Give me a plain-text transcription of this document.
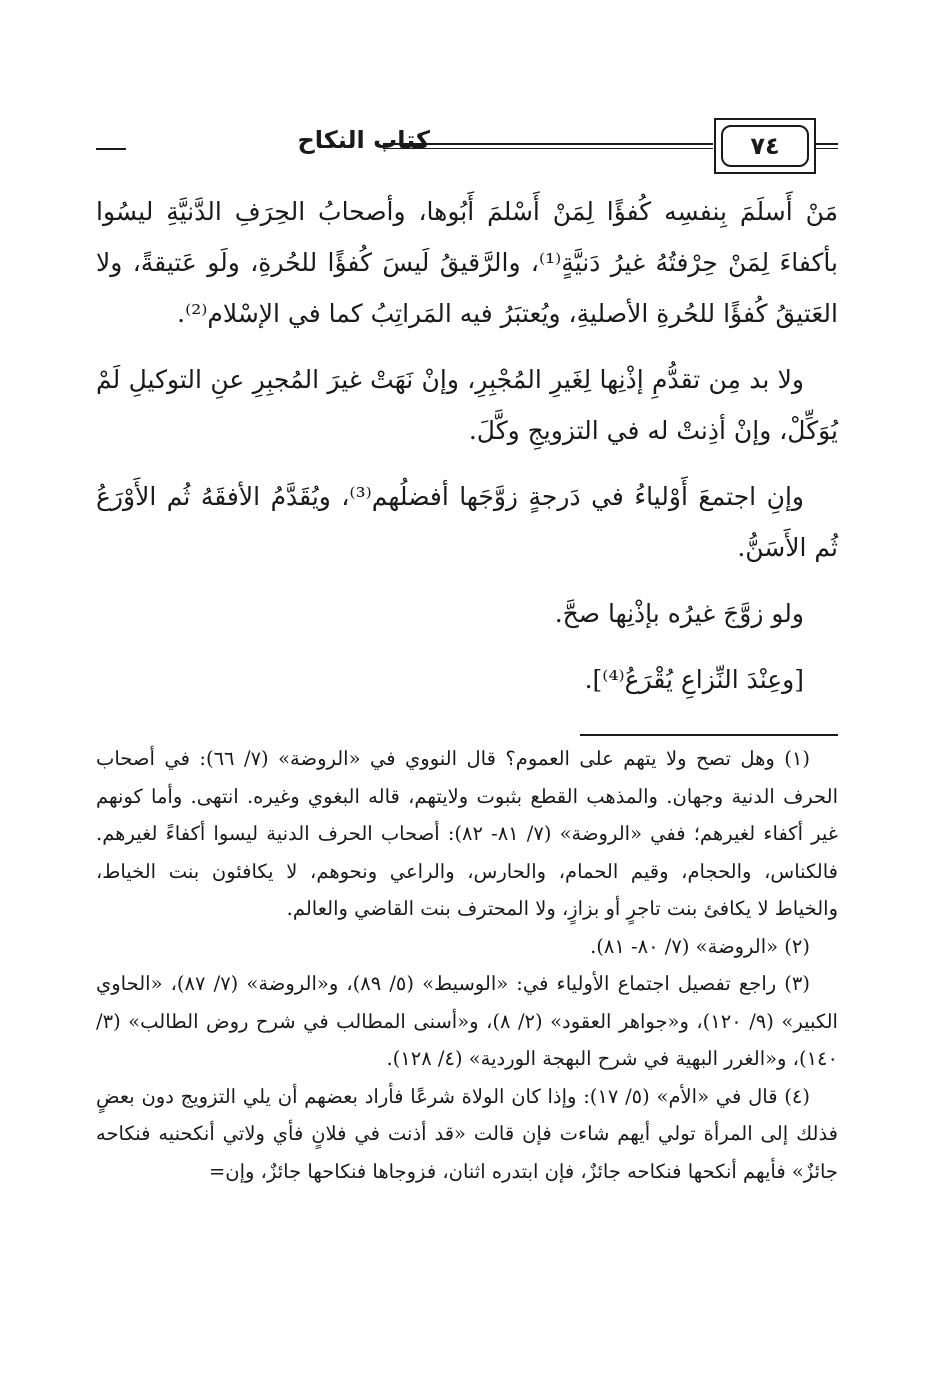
كتاب النكاح	٧٤

مَنْ أَسلَمَ بِنفسِه كُفؤًا لِمَنْ أَسْلمَ أَبُوها، وأصحابُ الحِرَفِ الدَّنيَّةِ ليسُوا بأكفاءَ لِمَنْ حِرْفتُهُ غيرُ دَنيَّةٍ⁽¹⁾، والرَّقيقُ لَيسَ كُفؤًا للحُرةِ، ولَو عَتيقةً، ولا العَتيقُ كُفؤًا للحُرةِ الأصليةِ، ويُعتبَرُ فيه المَراتِبُ كما في الإسْلام⁽²⁾.

ولا بد مِن تقدُّمِ إذْنِها لِغَيرِ المُجْبِرِ، وإنْ نَهَتْ غيرَ المُجبِرِ عنِ التوكيلِ لَمْ يُوَكِّلْ، وإنْ أذِنتْ له في التزويجِ وكَّلَ.

وإنِ اجتمعَ أَوْلياءُ في دَرجةٍ زوَّجَها أفضلُهم⁽³⁾، ويُقَدَّمُ الأفقَهُ ثُم الأَوْرَعُ ثُم الأَسَنُّ.

ولو زوَّجَ غيرُه بإذْنِها صحَّ.

[وعِنْدَ النِّزاعِ يُقْرَعُ⁽⁴⁾].

(١) وهل تصح ولا يتهم على العموم؟ قال النووي في «الروضة» (٧/ ٦٦): في أصحاب الحرف الدنية وجهان. والمذهب القطع بثبوت ولايتهم، قاله البغوي وغيره. انتهى. وأما كونهم غير أكفاء لغيرهم؛ ففي «الروضة» (٧/ ٨١- ٨٢): أصحاب الحرف الدنية ليسوا أكفاءً لغيرهم. فالكناس، والحجام، وقيم الحمام، والحارس، والراعي ونحوهم، لا يكافئون بنت الخياط، والخياط لا يكافئ بنت تاجرٍ أو بزازٍ، ولا المحترف بنت القاضي والعالم.

(٢) «الروضة» (٧/ ٨٠- ٨١).

(٣) راجع تفصيل اجتماع الأولياء في: «الوسيط» (٥/ ٨٩)، و«الروضة» (٧/ ٨٧)، «الحاوي الكبير» (٩/ ١٢٠)، و«جواهر العقود» (٢/ ٨)، و«أسنى المطالب في شرح روض الطالب» (٣/ ١٤٠)، و«الغرر البهية في شرح البهجة الوردية» (٤/ ١٢٨).

(٤) قال في «الأم» (٥/ ١٧): وإذا كان الولاة شرعًا فأراد بعضهم أن يلي التزويج دون بعضٍ فذلك إلى المرأة تولي أيهم شاءت فإن قالت «قد أذنت في فلانٍ فأي ولاتي أنكحنيه فنكاحه جائزٌ» فأيهم أنكحها فنكاحه جائزٌ، فإن ابتدره اثنان، فزوجاها فنكاحها جائزٌ، وإن=
